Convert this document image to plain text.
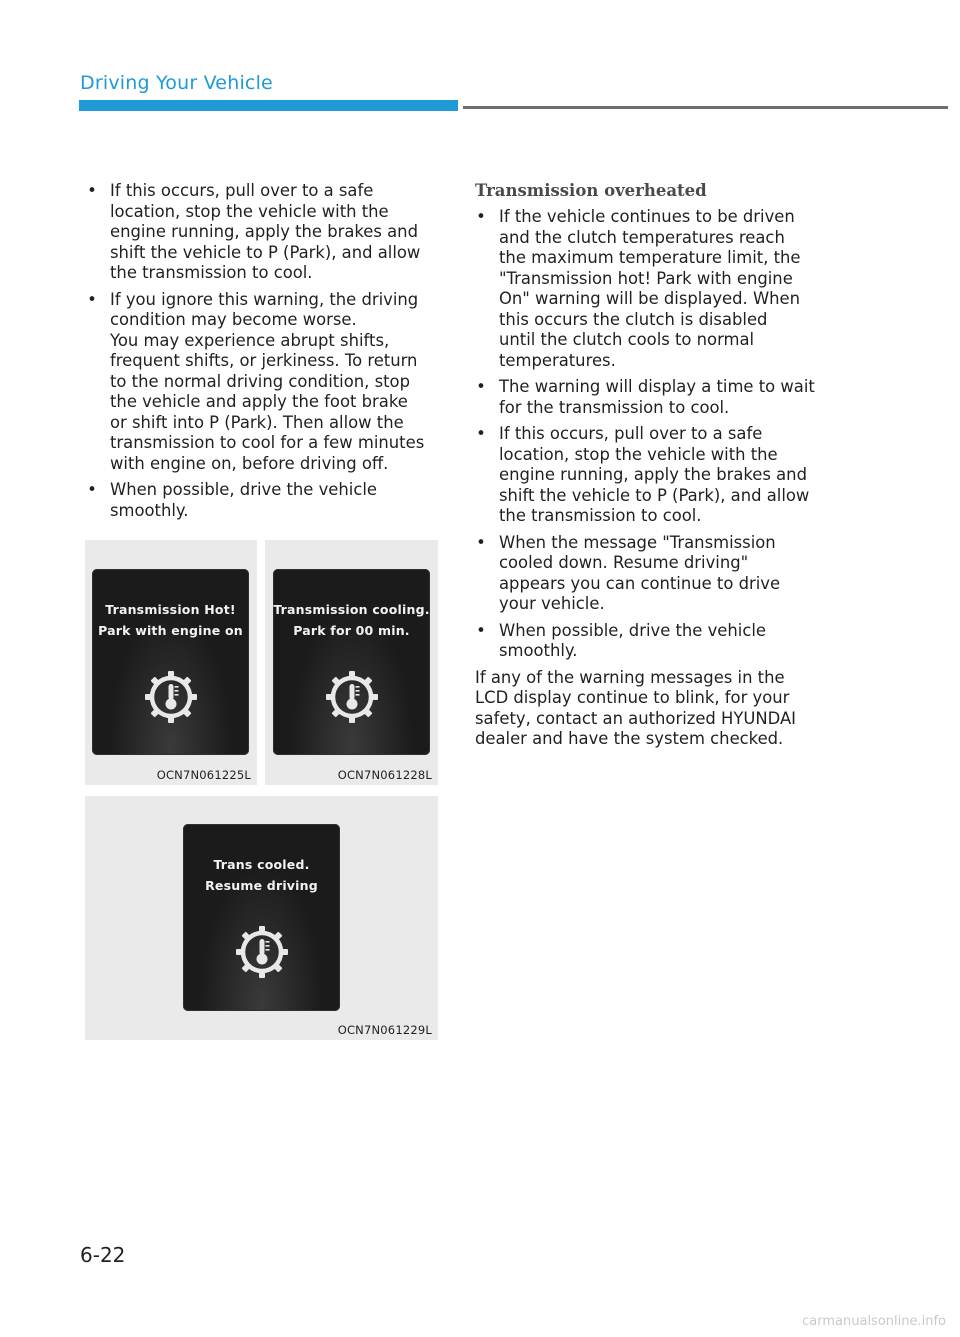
Driving Your Vehicle
• If this occurs, pull over to a safe
location, stop the vehicle with the
engine running, apply the brakes and
shift the vehicle to P (Park), and allow
the transmission to cool.
• If you ignore this warning, the driving
condition may become worse.
You may experience abrupt shifts,
frequent shifts, or jerkiness. To return
to the normal driving condition, stop
the vehicle and apply the foot brake
or shift into P (Park). Then allow the
transmission to cool for a few minutes
with engine on, before driving off.
• When possible, drive the vehicle
smoothly.
Transmission Hot!
Park with engine on
OCN7N061225L
Transmission cooling.
Park for 00 min.
OCN7N061228L
Trans cooled.
Resume driving
OCN7N061229L
Transmission overheated
• If the vehicle continues to be driven
and the clutch temperatures reach
the maximum temperature limit, the
"Transmission hot! Park with engine
On" warning will be displayed. When
this occurs the clutch is disabled
until the clutch cools to normal
temperatures.
• The warning will display a time to wait
for the transmission to cool.
• If this occurs, pull over to a safe
location, stop the vehicle with the
engine running, apply the brakes and
shift the vehicle to P (Park), and allow
the transmission to cool.
• When the message "Transmission
cooled down. Resume driving"
appears you can continue to drive
your vehicle.
• When possible, drive the vehicle
smoothly.

If any of the warning messages in the
LCD display continue to blink, for your
safety, contact an authorized HYUNDAI
dealer and have the system checked.

6-22
carmanualsonline.info
